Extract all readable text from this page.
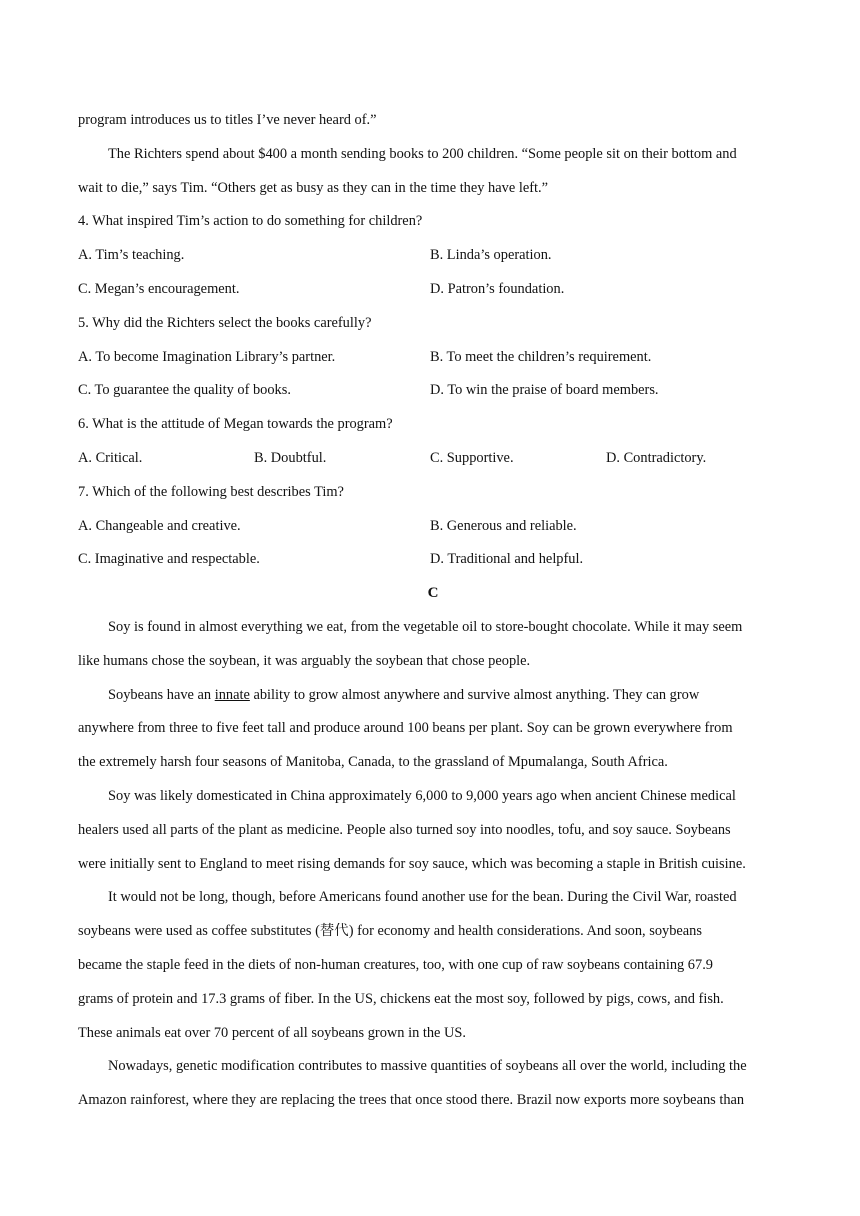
program introduces us to titles I’ve never heard of.”
The Richters spend about $400 a month sending books to 200 children. “Some people sit on their bottom and
wait to die,” says Tim. “Others get as busy as they can in the time they have left.”
4. What inspired Tim’s action to do something for children?
A. Tim’s teaching.	B. Linda’s operation.
C. Megan’s encouragement.	D. Patron’s foundation.
5. Why did the Richters select the books carefully?
A. To become Imagination Library’s partner.	B. To meet the children’s requirement.
C. To guarantee the quality of books.	D. To win the praise of board members.
6. What is the attitude of Megan towards the program?
A. Critical.	B. Doubtful.	C. Supportive.	D. Contradictory.
7. Which of the following best describes Tim?
A. Changeable and creative.	B. Generous and reliable.
C. Imaginative and respectable.	D. Traditional and helpful.
C
Soy is found in almost everything we eat, from the vegetable oil to store-bought chocolate. While it may seem
like humans chose the soybean, it was arguably the soybean that chose people.
Soybeans have an innate ability to grow almost anywhere and survive almost anything. They can grow
anywhere from three to five feet tall and produce around 100 beans per plant. Soy can be grown everywhere from
the extremely harsh four seasons of Manitoba, Canada, to the grassland of Mpumalanga, South Africa.
Soy was likely domesticated in China approximately 6,000 to 9,000 years ago when ancient Chinese medical
healers used all parts of the plant as medicine. People also turned soy into noodles, tofu, and soy sauce. Soybeans
were initially sent to England to meet rising demands for soy sauce, which was becoming a staple in British cuisine.
It would not be long, though, before Americans found another use for the bean. During the Civil War, roasted
soybeans were used as coffee substitutes (替代) for economy and health considerations. And soon, soybeans
became the staple feed in the diets of non-human creatures, too, with one cup of raw soybeans containing 67.9
grams of protein and 17.3 grams of fiber. In the US, chickens eat the most soy, followed by pigs, cows, and fish.
These animals eat over 70 percent of all soybeans grown in the US.
Nowadays, genetic modification contributes to massive quantities of soybeans all over the world, including the
Amazon rainforest, where they are replacing the trees that once stood there. Brazil now exports more soybeans than
